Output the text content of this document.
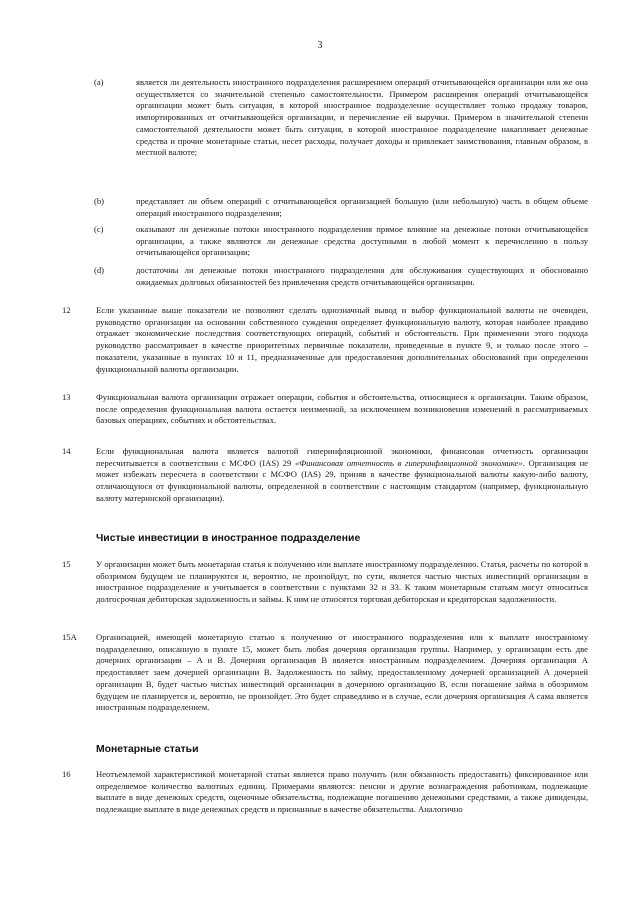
3
(a)	является ли деятельность иностранного подразделения расширением операций отчитывающейся организации или же она осуществляется со значительной степенью самостоятельности. Примером расширения операций отчитывающейся организации может быть ситуация, в которой иностранное подразделение осуществляет только продажу товаров, импортированных от отчитывающейся организации, и перечисление ей выручки. Примером в значительной степени самостоятельной деятельности может быть ситуация, в которой иностранное подразделение накапливает денежные средства и прочие монетарные статьи, несет расходы, получает доходы и привлекает заимствования, главным образом, в местной валюте;
(b)	представляет ли объем операций с отчитывающейся организацией большую (или небольшую) часть в общем объеме операций иностранного подразделения;
(c)	оказывают ли денежные потоки иностранного подразделения прямое влияние на денежные потоки отчитывающейся организации, а также являются ли денежные средства доступными в любой момент к перечислению в пользу отчитывающейся организации;
(d)	достаточны ли денежные потоки иностранного подразделения для обслуживания существующих и обоснованно ожидаемых долговых обязанностей без привлечения средств отчитывающейся организации.
12	Если указанные выше показатели не позволяют сделать однозначный вывод и выбор функциональной валюты не очевиден, руководство организации на основании собственного суждения определяет функциональную валюту, которая наиболее правдиво отражает экономические последствия соответствующих операций, событий и обстоятельств. При применении этого подхода руководство рассматривает в качестве приоритетных первичные показатели, приведенные в пункте 9, и только после этого – показатели, указанные в пунктах 10 и 11, предназначенные для предоставления дополнительных обоснований при определении функциональной валюты организации.
13	Функциональная валюта организации отражает операции, события и обстоятельства, относящиеся к организации. Таким образом, после определения функциональная валюта остается неизменной, за исключением возникновения изменений в рассматриваемых базовых операциях, событиях и обстоятельствах.
14	Если функциональная валюта является валютой гиперинфляционной экономики, финансовая отчетность организации пересчитывается в соответствии с МСФО (IAS) 29 «Финансовая отчетность в гиперинфляционной экономике». Организация не может избежать пересчета в соответствии с МСФО (IAS) 29, приняв в качестве функциональной валюты какую-либо валюту, отличающуюся от функциональной валюты, определенной в соответствии с настоящим стандартом (например, функциональную валюту материнской организации).
Чистые инвестиции в иностранное подразделение
15	У организации может быть монетарная статья к получению или выплате иностранному подразделению. Статья, расчеты по которой в обозримом будущем не планируются и, вероятно, не произойдут, по сути, является частью чистых инвестиций организации в иностранное подразделение и учитывается в соответствии с пунктами 32 и 33. К таким монетарным статьям могут относиться долгосрочная дебиторская задолженность и займы. К ним не относятся торговая дебиторская и кредиторская задолженности.
15A	Организацией, имеющей монетарную статью к получению от иностранного подразделения или к выплате иностранному подразделению, описанную в пункте 15, может быть любая дочерняя организация группы. Например, у организации есть две дочерних организации – A и B. Дочерняя организация B является иностранным подразделением. Дочерняя организация A предоставляет заем дочерней организации B. Задолженность по займу, предоставленному дочерней организацией A дочерней организации B, будет частью чистых инвестиций организации в дочернюю организацию B, если погашение займа в обозримом будущем не планируется и, вероятно, не произойдет. Это будет справедливо и в случае, если дочерняя организация A сама является иностранным подразделением.
Монетарные статьи
16	Неотъемлемой характеристикой монетарной статьи является право получить (или обязанность предоставить) фиксированное или определяемое количество валютных единиц. Примерами являются: пенсии и другие вознаграждения работникам, подлежащие выплате в виде денежных средств, оценочные обязательства, подлежащие погашению денежными средствами, а также дивиденды, подлежащие выплате в виде денежных средств и признанные в качестве обязательства. Аналогично
